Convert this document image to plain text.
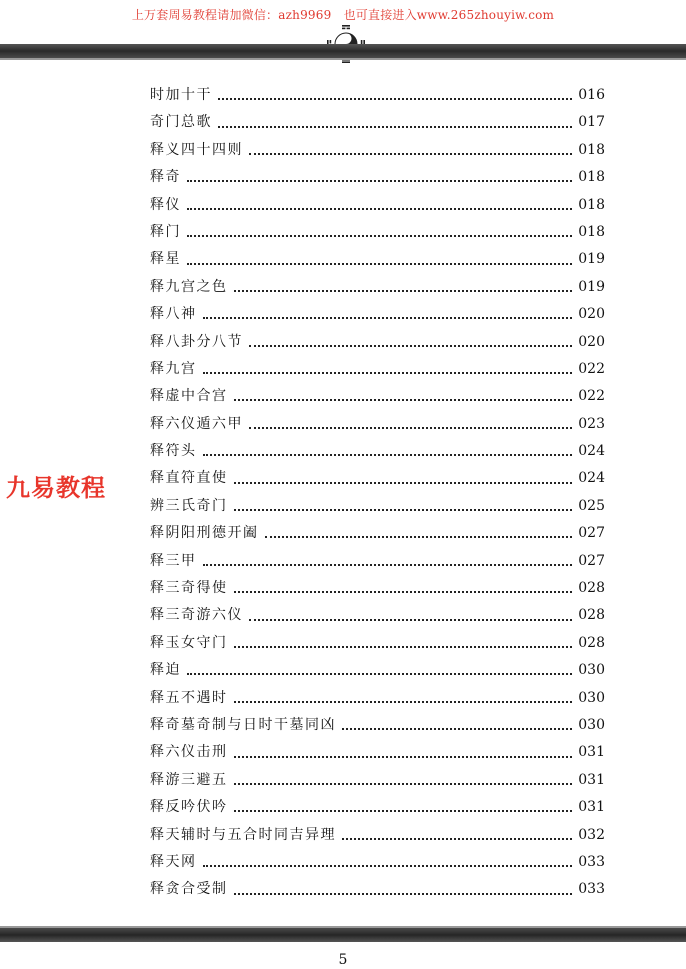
上万套周易教程请加微信：azh9969　也可直接进入www.265zhouyiw.com
九易教程
时加十干	016
奇门总歌	017
释义四十四则	018
释奇	018
释仪	018
释门	018
释星	019
释九宫之色	019
释八神	020
释八卦分八节	020
释九宫	022
释虚中合宫	022
释六仪遁六甲	023
释符头	024
释直符直使	024
辨三氏奇门	025
释阴阳刑德开阖	027
释三甲	027
释三奇得使	028
释三奇游六仪	028
释玉女守门	028
释迫	030
释五不遇时	030
释奇墓奇制与日时干墓同凶	030
释六仪击刑	031
释游三避五	031
释反吟伏吟	031
释天辅时与五合时同吉异理	032
释天网	033
释贪合受制	033
5
